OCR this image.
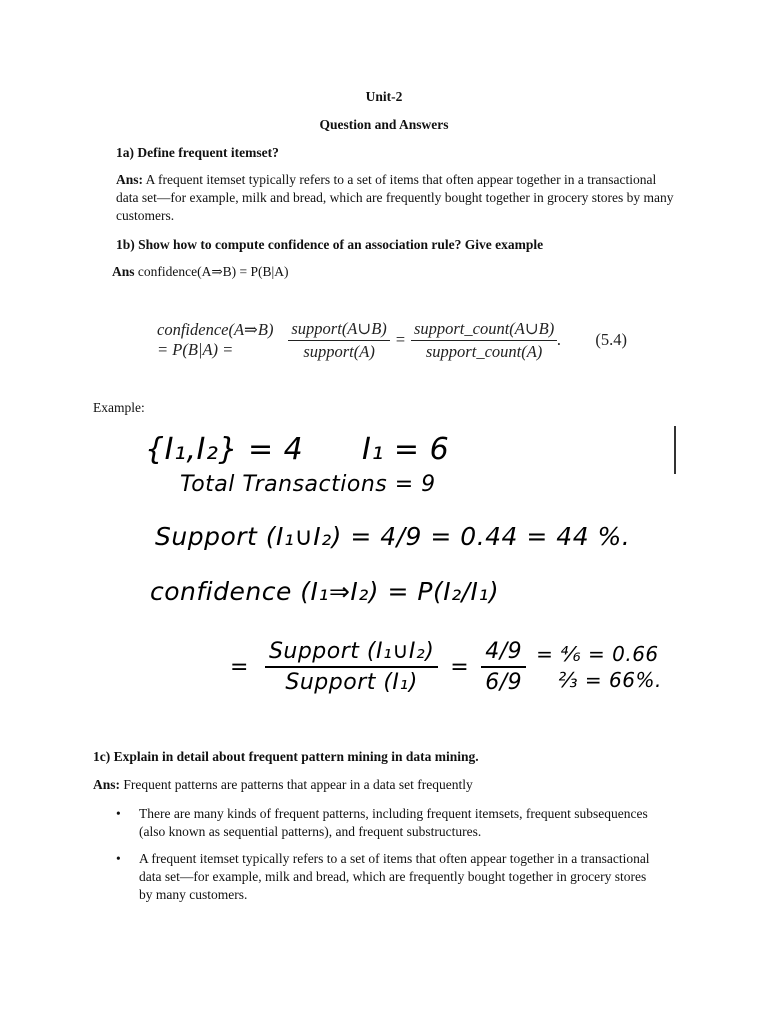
Unit-2
Question and Answers
1a) Define frequent itemset?
Ans: A frequent itemset typically refers to a set of items that often appear together in a transactional data set—for example, milk and bread, which are frequently bought together in grocery stores by many customers.
1b) Show how to compute confidence of an association rule? Give example
Ans confidence(A⇒B) = P(B|A)
confidence(A⇒B) = P(B|A) =	$\frac{\text{support(A∪B)}}{\text{support(A)}} = \frac{\text{support\_count(A∪B)}}{\text{support\_count(A)}}$ . (5.4)
Example:
{I₁,I₂} = 4 I₁ = 6
Total Transactions = 9
Support (I₁∪I₂) = 4/9 = 0.44 = 44 %.
confidence (I₁⇒I₂) = P(I₂/I₁)
= $\frac{\text{Support (I₁∪I₂)}}{\text{Support (I₁)}} = \frac{4/9}{6/9}$ = ⁴⁄₆ = 0.66
⅔ = 66%.
1c) Explain in detail about frequent pattern mining in data mining.
Ans: Frequent patterns are patterns that appear in a data set frequently
• There are many kinds of frequent patterns, including frequent itemsets, frequent subsequences (also known as sequential patterns), and frequent substructures.
• A frequent itemset typically refers to a set of items that often appear together in a transactional data set—for example, milk and bread, which are frequently bought together in grocery stores by many customers.
